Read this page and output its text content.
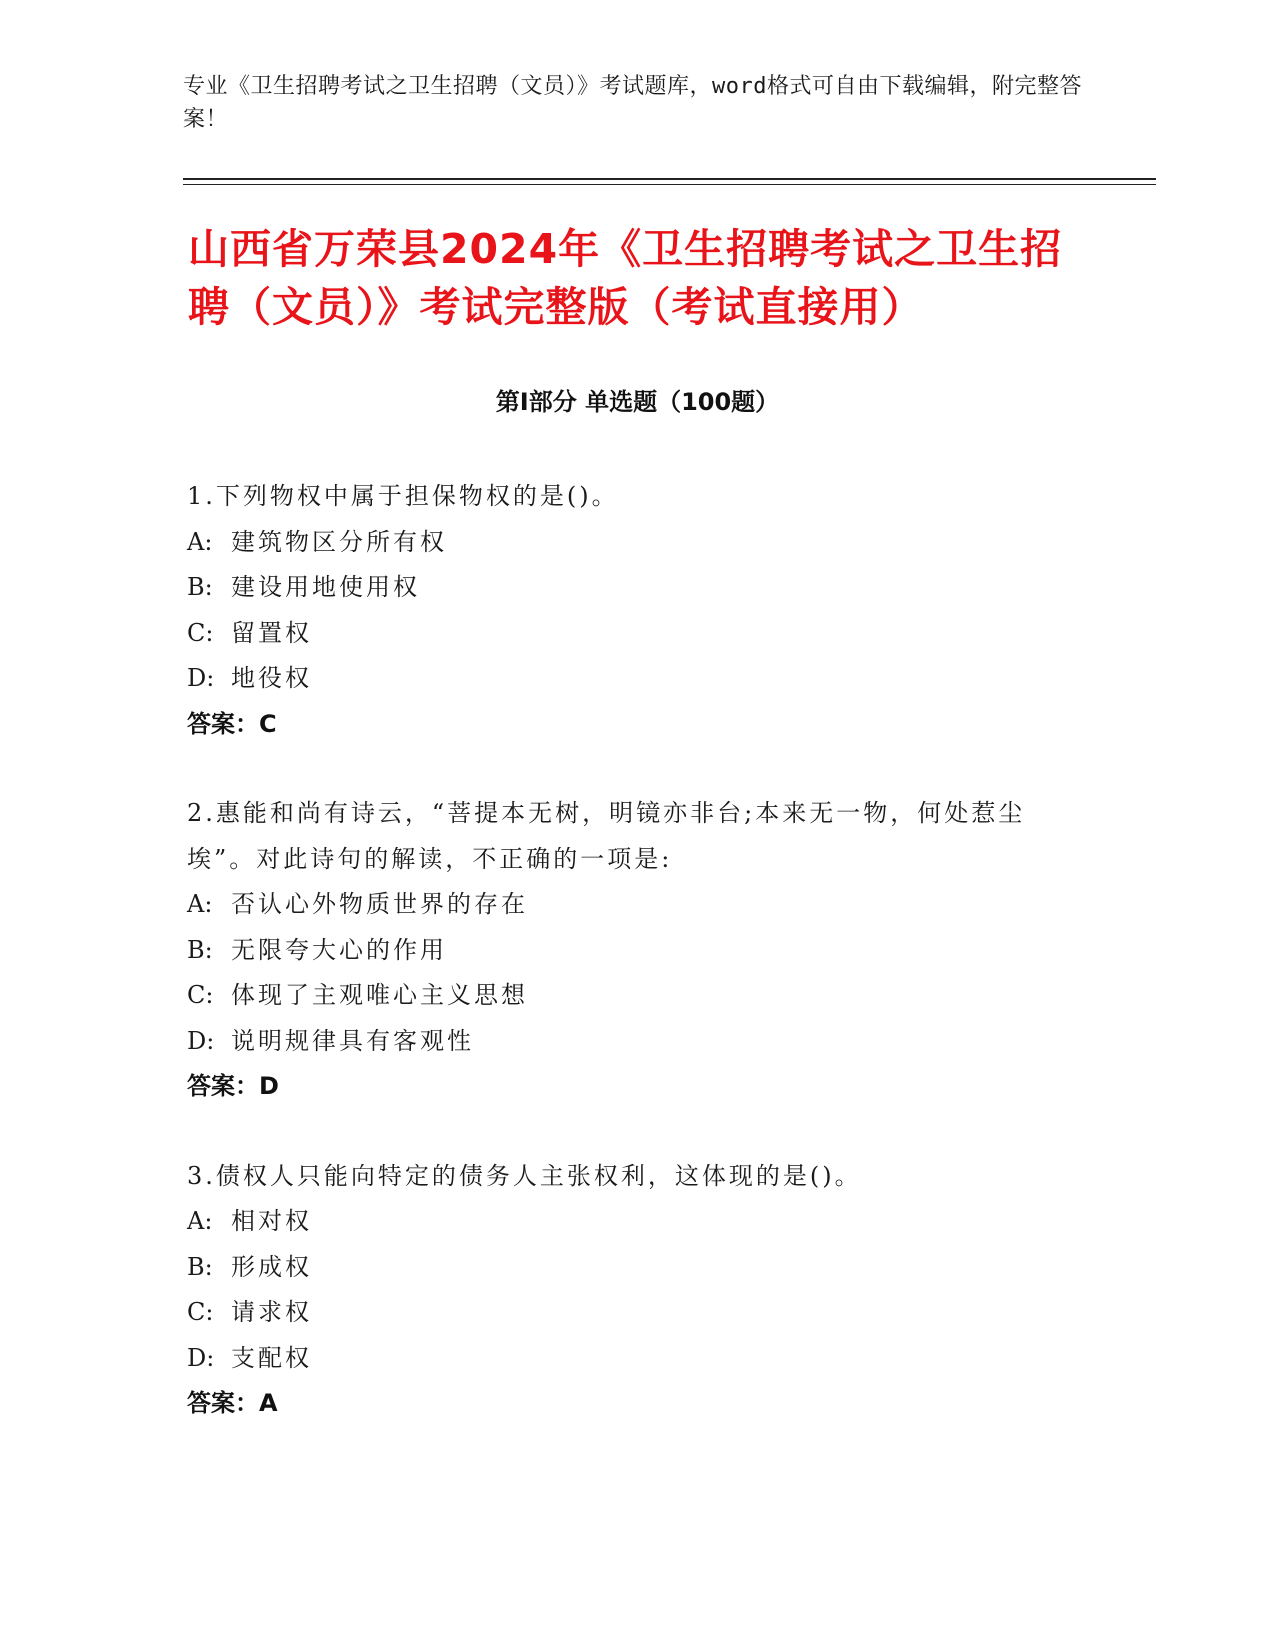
专业《卫生招聘考试之卫生招聘（文员）》考试题库，word格式可自由下载编辑，附完整答案！

山西省万荣县2024年《卫生招聘考试之卫生招聘（文员）》考试完整版（考试直接用）
第Ⅰ部分 单选题（100题）

1.下列物权中属于担保物权的是()。

A: 建筑物区分所有权

B: 建设用地使用权

C: 留置权

D: 地役权

答案：C

2.惠能和尚有诗云，“菩提本无树，明镜亦非台;本来无一物，何处惹尘埃”。对此诗句的解读，不正确的一项是:

A: 否认心外物质世界的存在

B: 无限夸大心的作用

C: 体现了主观唯心主义思想

D: 说明规律具有客观性

答案：D

3.债权人只能向特定的债务人主张权利，这体现的是()。

A: 相对权

B: 形成权

C: 请求权

D: 支配权

答案：A
